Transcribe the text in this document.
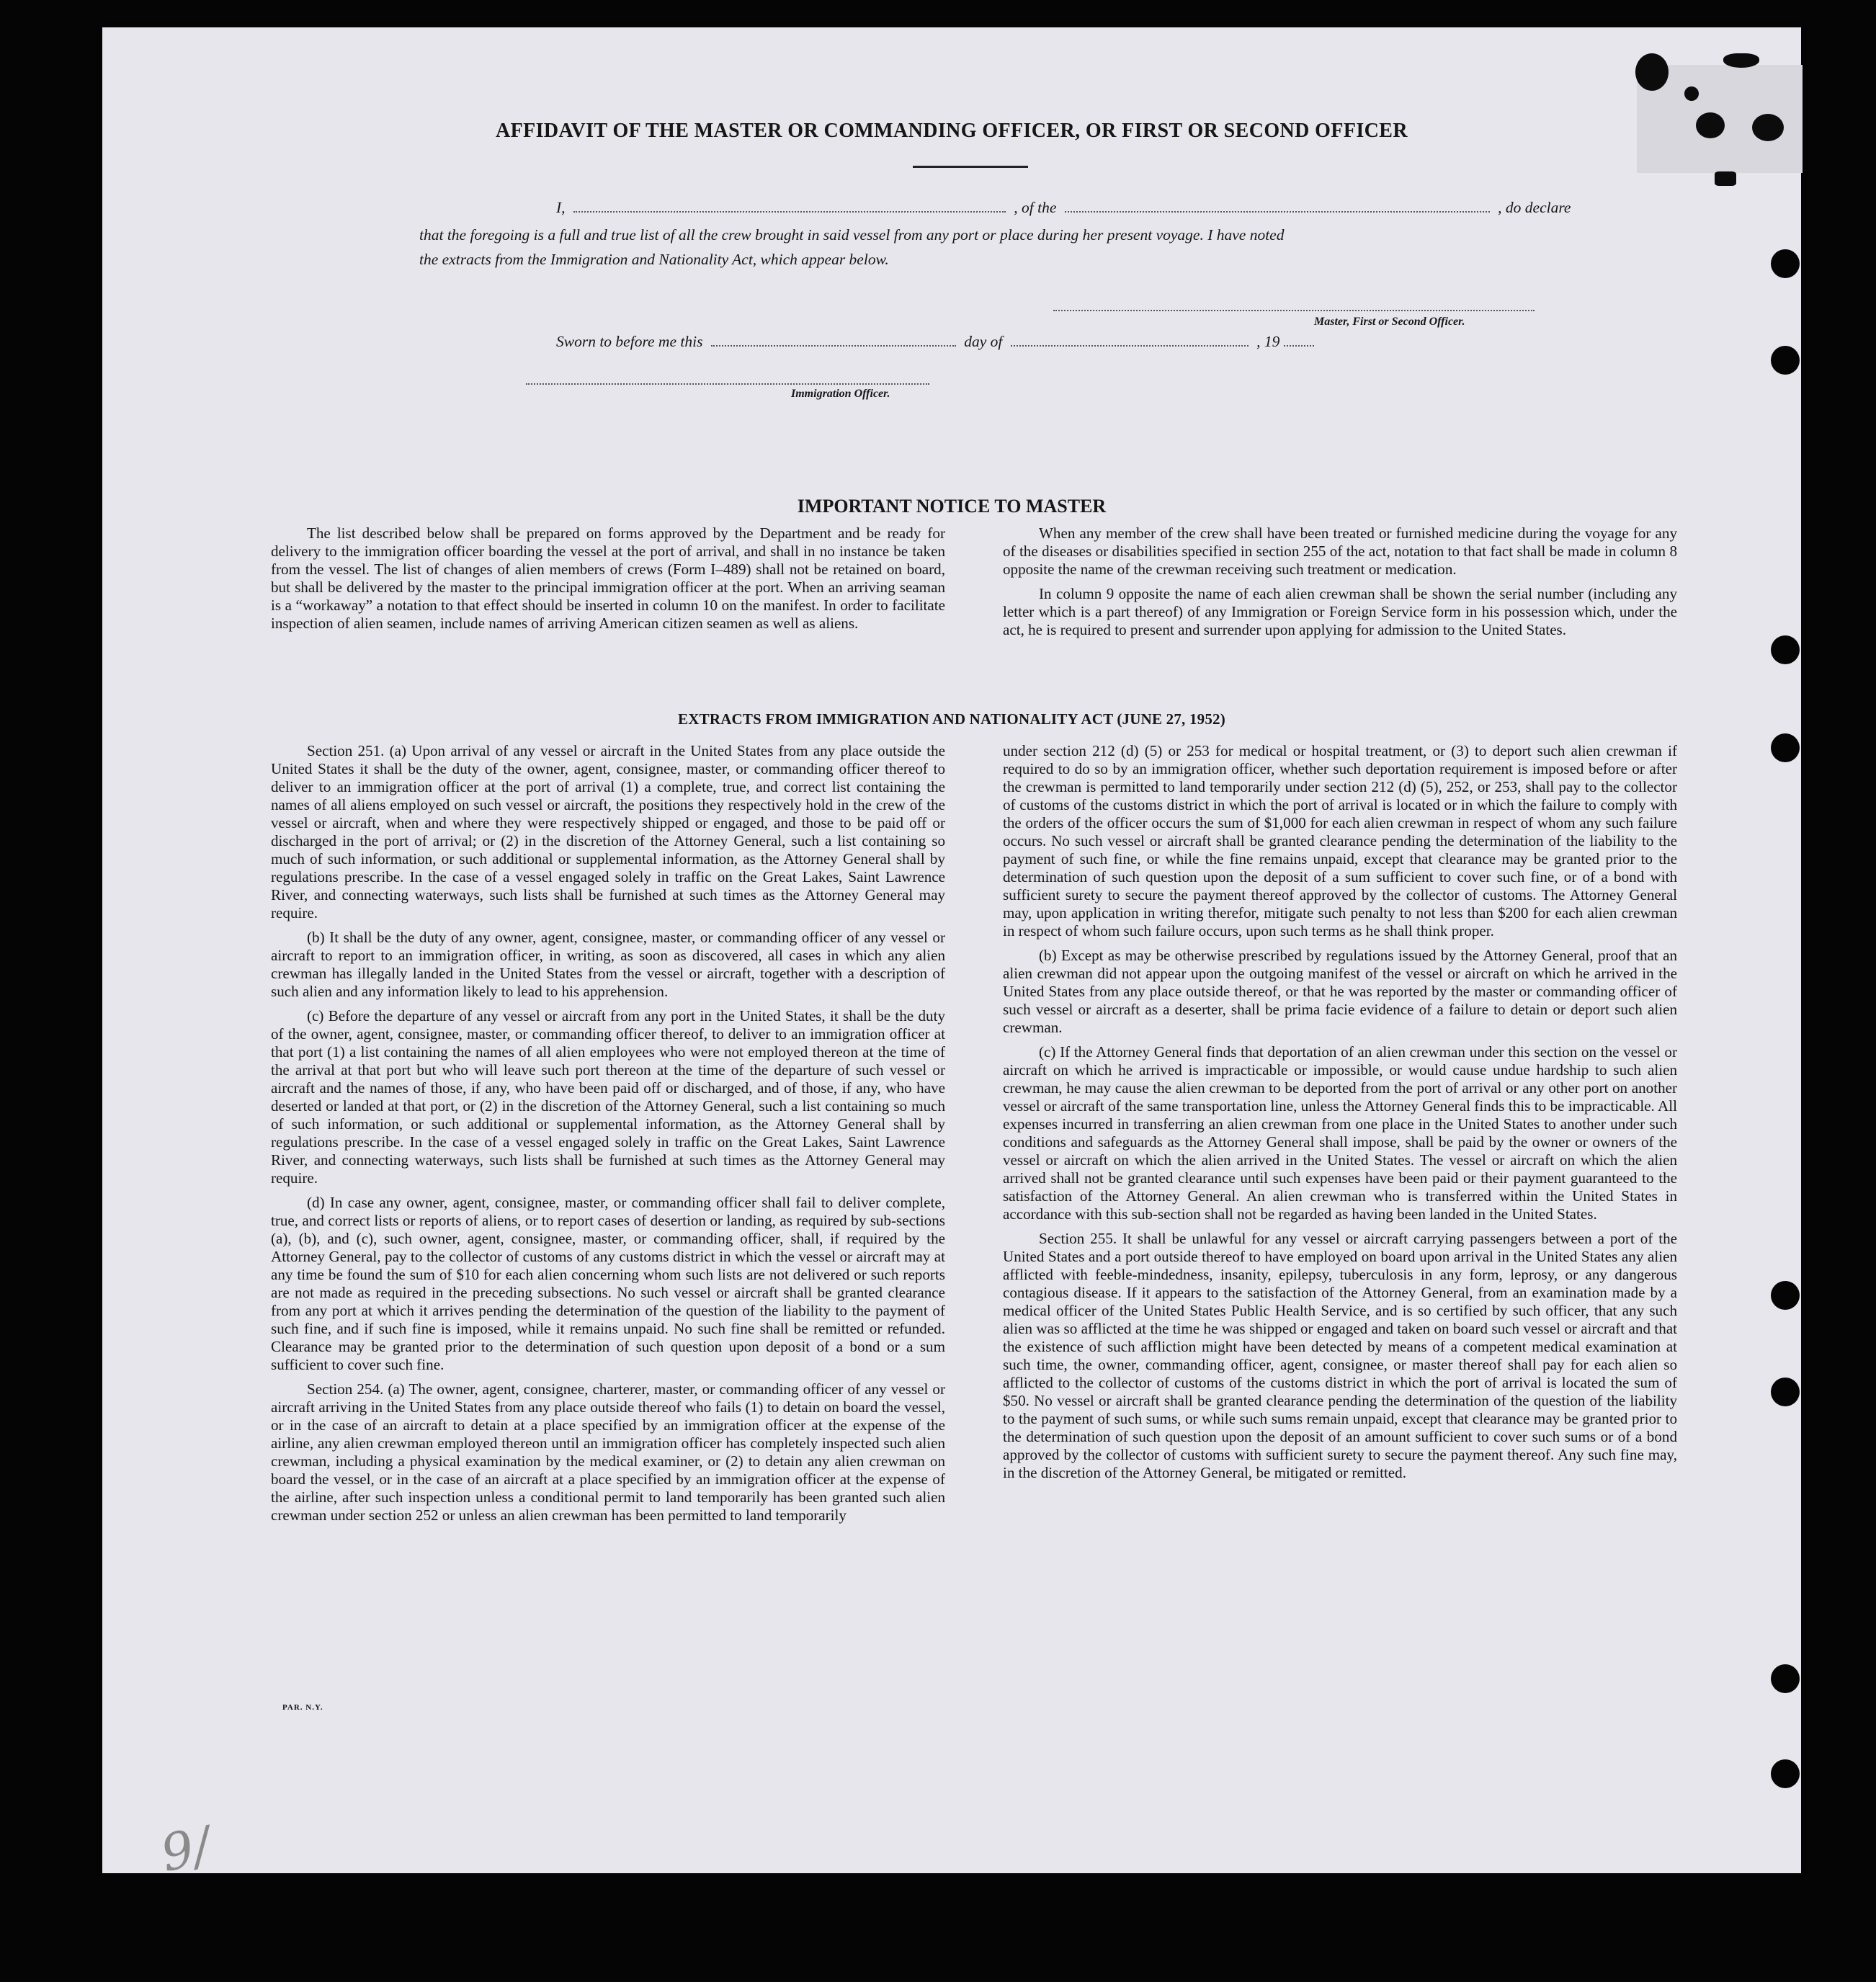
AFFIDAVIT OF THE MASTER OR COMMANDING OFFICER, OR FIRST OR SECOND OFFICER
I,	, of the	, do declare
that the foregoing is a full and true list of all the crew brought in said vessel from any port or place during her present voyage. I have noted
the extracts from the Immigration and Nationality Act, which appear below.
Master, First or Second Officer.
Sworn to before me this	day of	, 19
Immigration Officer.
IMPORTANT NOTICE TO MASTER

The list described below shall be prepared on forms approved by the Department and be ready for delivery to the immigration officer boarding the vessel at the port of arrival, and shall in no instance be taken from the vessel. The list of changes of alien members of crews (Form I–489) shall not be retained on board, but shall be delivered by the master to the principal immigration officer at the port. When an arriving seaman is a “workaway” a notation to that effect should be inserted in column 10 on the manifest. In order to facilitate inspection of alien seamen, include names of arriving American citizen seamen as well as aliens.

When any member of the crew shall have been treated or furnished medicine during the voyage for any of the diseases or disabilities specified in section 255 of the act, notation to that fact shall be made in column 8 opposite the name of the crewman receiving such treatment or medication.

In column 9 opposite the name of each alien crewman shall be shown the serial number (including any letter which is a part thereof) of any Immigration or Foreign Service form in his possession which, under the act, he is required to present and surrender upon applying for admission to the United States.

EXTRACTS FROM IMMIGRATION AND NATIONALITY ACT (JUNE 27, 1952)

Section 251. (a) Upon arrival of any vessel or aircraft in the United States from any place outside the United States it shall be the duty of the owner, agent, consignee, master, or commanding officer thereof to deliver to an immigration officer at the port of arrival (1) a complete, true, and correct list containing the names of all aliens employed on such vessel or aircraft, the positions they respectively hold in the crew of the vessel or aircraft, when and where they were respectively shipped or engaged, and those to be paid off or discharged in the port of arrival; or (2) in the discretion of the Attorney General, such a list containing so much of such information, or such additional or supplemental information, as the Attorney General shall by regulations prescribe. In the case of a vessel engaged solely in traffic on the Great Lakes, Saint Lawrence River, and connecting waterways, such lists shall be furnished at such times as the Attorney General may require.

(b) It shall be the duty of any owner, agent, consignee, master, or commanding officer of any vessel or aircraft to report to an immigration officer, in writing, as soon as discovered, all cases in which any alien crewman has illegally landed in the United States from the vessel or aircraft, together with a description of such alien and any information likely to lead to his apprehension.

(c) Before the departure of any vessel or aircraft from any port in the United States, it shall be the duty of the owner, agent, consignee, master, or commanding officer thereof, to deliver to an immigration officer at that port (1) a list containing the names of all alien employees who were not employed thereon at the time of the arrival at that port but who will leave such port thereon at the time of the departure of such vessel or aircraft and the names of those, if any, who have been paid off or discharged, and of those, if any, who have deserted or landed at that port, or (2) in the discretion of the Attorney General, such a list containing so much of such information, or such additional or supplemental information, as the Attorney General shall by regulations prescribe. In the case of a vessel engaged solely in traffic on the Great Lakes, Saint Lawrence River, and connecting waterways, such lists shall be furnished at such times as the Attorney General may require.

(d) In case any owner, agent, consignee, master, or commanding officer shall fail to deliver complete, true, and correct lists or reports of aliens, or to report cases of desertion or landing, as required by sub-sections (a), (b), and (c), such owner, agent, consignee, master, or commanding officer, shall, if required by the Attorney General, pay to the collector of customs of any customs district in which the vessel or aircraft may at any time be found the sum of $10 for each alien concerning whom such lists are not delivered or such reports are not made as required in the preceding subsections. No such vessel or aircraft shall be granted clearance from any port at which it arrives pending the determination of the question of the liability to the payment of such fine, and if such fine is imposed, while it remains unpaid. No such fine shall be remitted or refunded. Clearance may be granted prior to the determination of such question upon deposit of a bond or a sum sufficient to cover such fine.

Section 254. (a) The owner, agent, consignee, charterer, master, or commanding officer of any vessel or aircraft arriving in the United States from any place outside thereof who fails (1) to detain on board the vessel, or in the case of an aircraft to detain at a place specified by an immigration officer at the expense of the airline, any alien crewman employed thereon until an immigration officer has completely inspected such alien crewman, including a physical examination by the medical examiner, or (2) to detain any alien crewman on board the vessel, or in the case of an aircraft at a place specified by an immigration officer at the expense of the airline, after such inspection unless a conditional permit to land temporarily has been granted such alien crewman under section 252 or unless an alien crewman has been permitted to land temporarily

under section 212 (d) (5) or 253 for medical or hospital treatment, or (3) to deport such alien crewman if required to do so by an immigration officer, whether such deportation requirement is imposed before or after the crewman is permitted to land temporarily under section 212 (d) (5), 252, or 253, shall pay to the collector of customs of the customs district in which the port of arrival is located or in which the failure to comply with the orders of the officer occurs the sum of $1,000 for each alien crewman in respect of whom any such failure occurs. No such vessel or aircraft shall be granted clearance pending the determination of the liability to the payment of such fine, or while the fine remains unpaid, except that clearance may be granted prior to the determination of such question upon the deposit of a sum sufficient to cover such fine, or of a bond with sufficient surety to secure the payment thereof approved by the collector of customs. The Attorney General may, upon application in writing therefor, mitigate such penalty to not less than $200 for each alien crewman in respect of whom such failure occurs, upon such terms as he shall think proper.

(b) Except as may be otherwise prescribed by regulations issued by the Attorney General, proof that an alien crewman did not appear upon the outgoing manifest of the vessel or aircraft on which he arrived in the United States from any place outside thereof, or that he was reported by the master or commanding officer of such vessel or aircraft as a deserter, shall be prima facie evidence of a failure to detain or deport such alien crewman.

(c) If the Attorney General finds that deportation of an alien crewman under this section on the vessel or aircraft on which he arrived is impracticable or impossible, or would cause undue hardship to such alien crewman, he may cause the alien crewman to be deported from the port of arrival or any other port on another vessel or aircraft of the same transportation line, unless the Attorney General finds this to be impracticable. All expenses incurred in transferring an alien crewman from one place in the United States to another under such conditions and safeguards as the Attorney General shall impose, shall be paid by the owner or owners of the vessel or aircraft on which the alien arrived in the United States. The vessel or aircraft on which the alien arrived shall not be granted clearance until such expenses have been paid or their payment guaranteed to the satisfaction of the Attorney General. An alien crewman who is transferred within the United States in accordance with this sub-section shall not be regarded as having been landed in the United States.

Section 255. It shall be unlawful for any vessel or aircraft carrying passengers between a port of the United States and a port outside thereof to have employed on board upon arrival in the United States any alien afflicted with feeble-mindedness, insanity, epilepsy, tuberculosis in any form, leprosy, or any dangerous contagious disease. If it appears to the satisfaction of the Attorney General, from an examination made by a medical officer of the United States Public Health Service, and is so certified by such officer, that any such alien was so afflicted at the time he was shipped or engaged and taken on board such vessel or aircraft and that the existence of such affliction might have been detected by means of a competent medical examination at such time, the owner, commanding officer, agent, consignee, or master thereof shall pay for each alien so afflicted to the collector of customs of the customs district in which the port of arrival is located the sum of $50. No vessel or aircraft shall be granted clearance pending the determination of the question of the liability to the payment of such sums, or while such sums remain unpaid, except that clearance may be granted prior to the determination of such question upon the deposit of an amount sufficient to cover such sums or of a bond approved by the collector of customs with sufficient surety to secure the payment thereof. Any such fine may, in the discretion of the Attorney General, be mitigated or remitted.

PAR. N.Y.
9/
